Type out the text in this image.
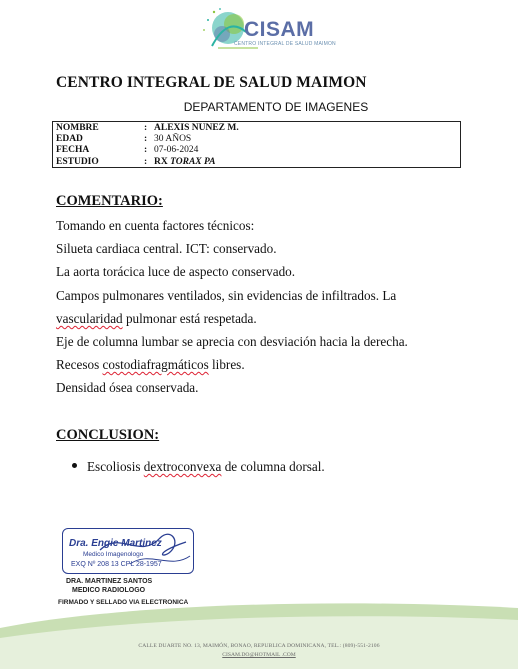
CISAM
CENTRO INTEGRAL DE SALUD MAIMON
CENTRO INTEGRAL DE SALUD MAIMON
DEPARTAMENTO DE IMAGENES
NOMBRE	: ALEXIS NUNEZ M.
EDAD	: 30 AÑOS
FECHA	: 07-06-2024
ESTUDIO	: RX TORAX PA
COMENTARIO:
Tomando en cuenta factores técnicos:
Silueta cardiaca central. ICT: conservado.
La aorta torácica luce de aspecto conservado.
Campos pulmonares ventilados, sin evidencias de infiltrados. La
vascularidad pulmonar está respetada.
Eje de columna lumbar se aprecia con desviación hacia la derecha.
Recesos costodiafragmáticos libres.
Densidad ósea conservada.
CONCLUSION:
Escoliosis dextroconvexa de columna dorsal.
Dra. Engie Martinez
Medico Imagenologo
EXQ Nº 208 13 CPL 28-1957
DRA. MARTINEZ SANTOS
MEDICO RADIOLOGO
FIRMADO Y SELLADO VIA ELECTRONICA
CALLE DUARTE NO. 13, MAIMÓN, BONAO, REPUBLICA DOMINICANA, TEL.: (809)-551-2106
CISAM.DO@HOTMAIL .COM
